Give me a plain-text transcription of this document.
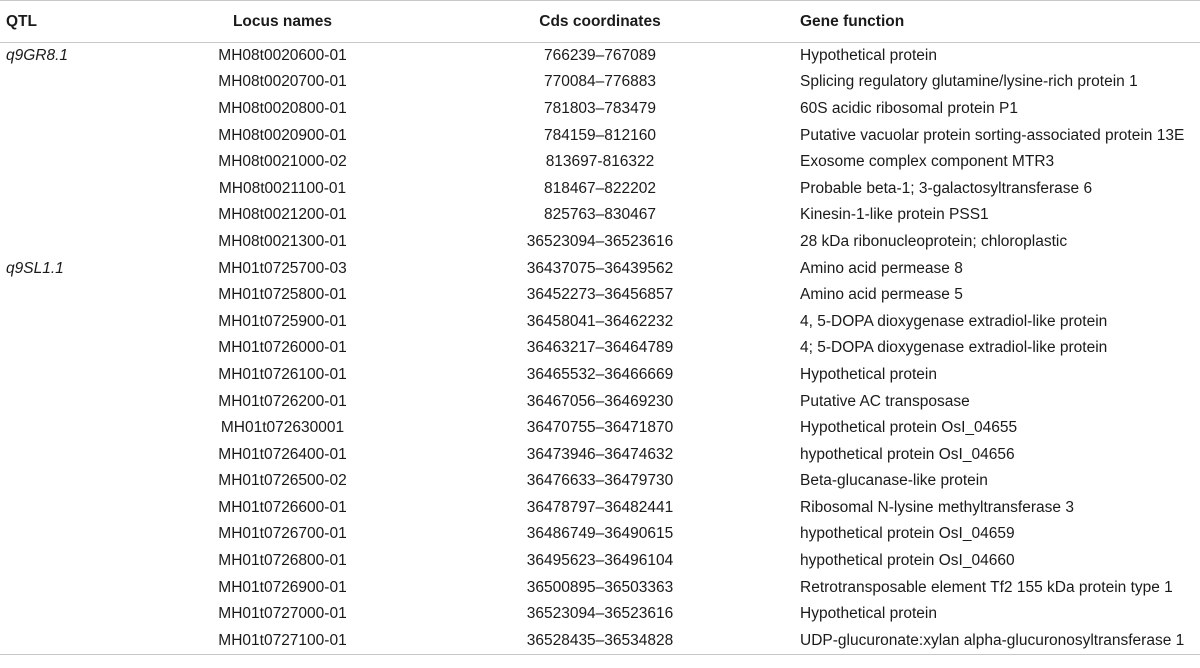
QTL	Locus names	Cds coordinates	Gene function
q9GR8.1	MH08t0020600-01	766239–767089	Hypothetical protein
	MH08t0020700-01	770084–776883	Splicing regulatory glutamine/lysine-rich protein 1
	MH08t0020800-01	781803–783479	60S acidic ribosomal protein P1
	MH08t0020900-01	784159–812160	Putative vacuolar protein sorting-associated protein 13E
	MH08t0021000-02	813697-816322	Exosome complex component MTR3
	MH08t0021100-01	818467–822202	Probable beta-1; 3-galactosyltransferase 6
	MH08t0021200-01	825763–830467	Kinesin-1-like protein PSS1
	MH08t0021300-01	36523094–36523616	28 kDa ribonucleoprotein; chloroplastic
q9SL1.1	MH01t0725700-03	36437075–36439562	Amino acid permease 8
	MH01t0725800-01	36452273–36456857	Amino acid permease 5
	MH01t0725900-01	36458041–36462232	4, 5-DOPA dioxygenase extradiol-like protein
	MH01t0726000-01	36463217–36464789	4; 5-DOPA dioxygenase extradiol-like protein
	MH01t0726100-01	36465532–36466669	Hypothetical protein
	MH01t0726200-01	36467056–36469230	Putative AC transposase
	MH01t072630001	36470755–36471870	Hypothetical protein OsI_04655
	MH01t0726400-01	36473946–36474632	hypothetical protein OsI_04656
	MH01t0726500-02	36476633–36479730	Beta-glucanase-like protein
	MH01t0726600-01	36478797–36482441	Ribosomal N-lysine methyltransferase 3
	MH01t0726700-01	36486749–36490615	hypothetical protein OsI_04659
	MH01t0726800-01	36495623–36496104	hypothetical protein OsI_04660
	MH01t0726900-01	36500895–36503363	Retrotransposable element Tf2 155 kDa protein type 1
	MH01t0727000-01	36523094–36523616	Hypothetical protein
	MH01t0727100-01	36528435–36534828	UDP-glucuronate:xylan alpha-glucuronosyltransferase 1
